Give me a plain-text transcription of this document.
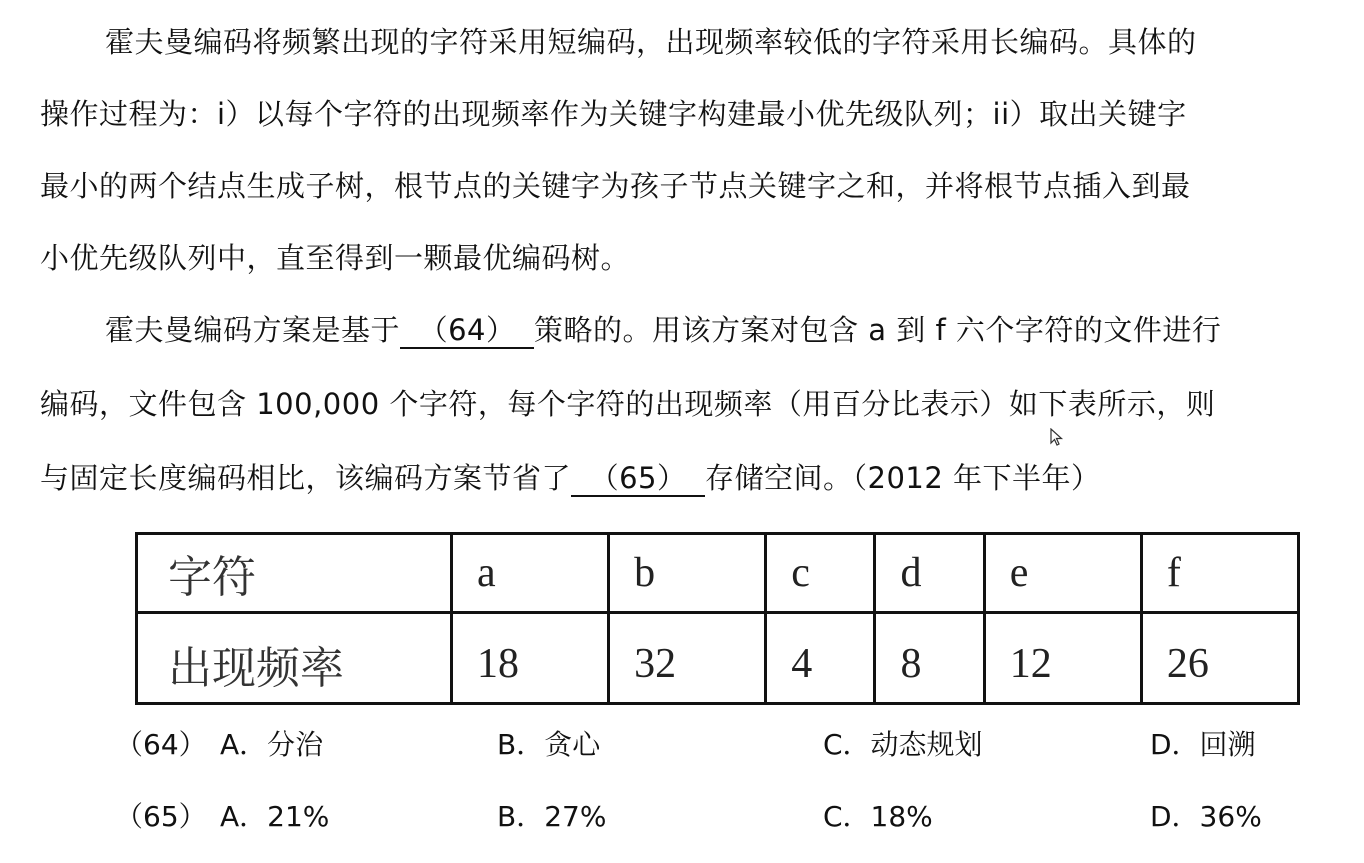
霍夫曼编码将频繁出现的字符采用短编码，出现频率较低的字符采用长编码。具体的
操作过程为：i）以每个字符的出现频率作为关键字构建最小优先级队列；ii）取出关键字
最小的两个结点生成子树，根节点的关键字为孩子节点关键字之和，并将根节点插入到最
小优先级队列中，直至得到一颗最优编码树。
霍夫曼编码方案是基于 （64） 策略的。用该方案对包含 a 到 f 六个字符的文件进行
编码，文件包含 100,000 个字符，每个字符的出现频率（用百分比表示）如下表所示，则
与固定长度编码相比，该编码方案节省了 （65） 存储空间。（2012 年下半年）
字符	a	b	c	d	e	f
出现频率	18	32	4	8	12	26
（64） A．分治	B．贪心	C．动态规划	D．回溯
（65） A．21%	B．27%	C．18%	D．36%
